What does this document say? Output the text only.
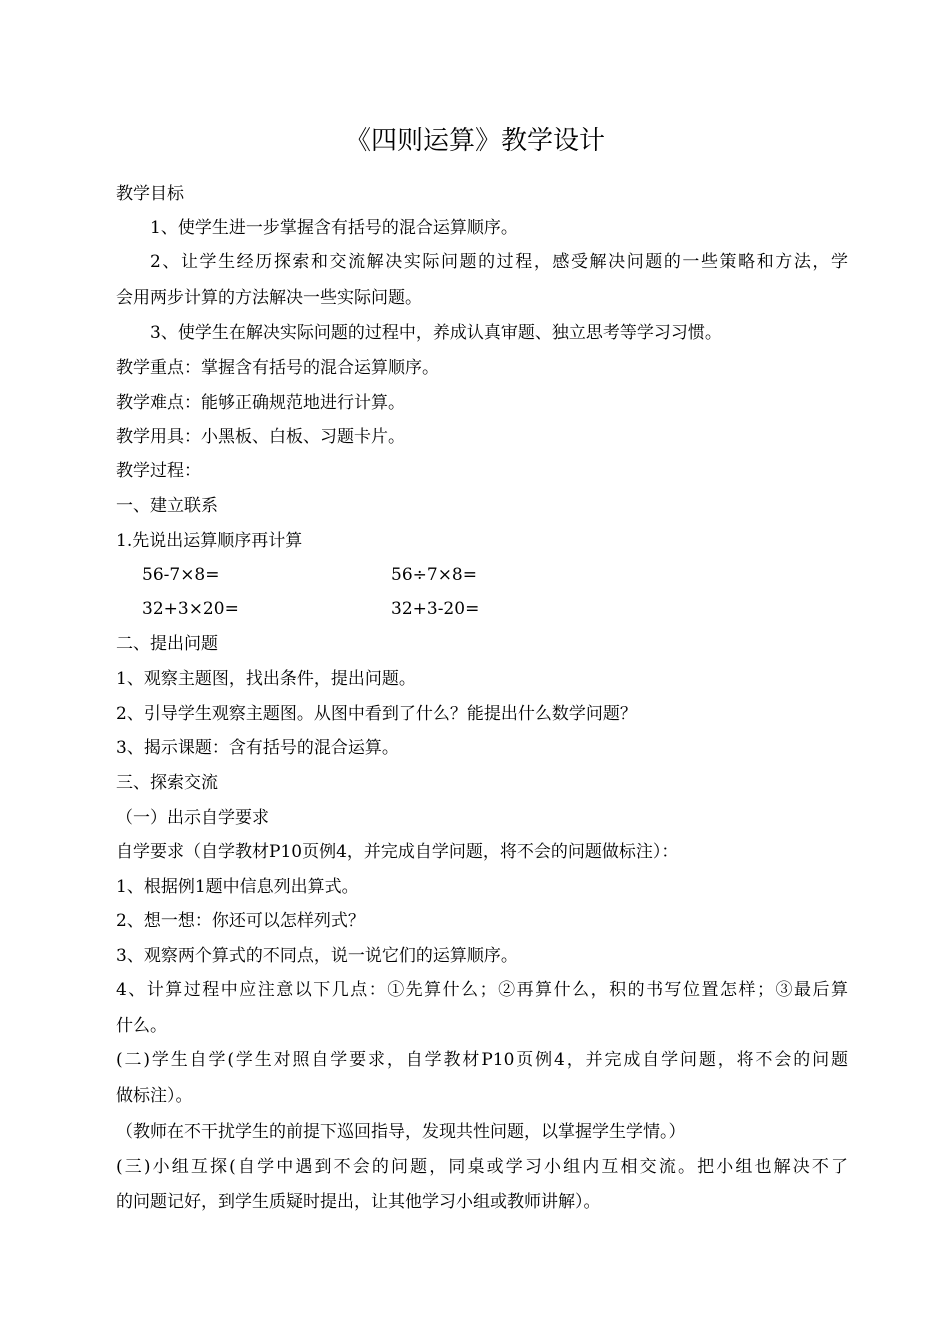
《四则运算》教学设计
教学目标
1、使学生进一步掌握含有括号的混合运算顺序。
2、让学生经历探索和交流解决实际问题的过程，感受解决问题的一些策略和方法，学
会用两步计算的方法解决一些实际问题。
3、使学生在解决实际问题的过程中，养成认真审题、独立思考等学习习惯。
教学重点：掌握含有括号的混合运算顺序。
教学难点：能够正确规范地进行计算。
教学用具：小黑板、白板、习题卡片。
教学过程：
一、建立联系
1.先说出运算顺序再计算
56-7×8=	56÷7×8=
32+3×20=	32+3-20=
二、提出问题
1、观察主题图，找出条件，提出问题。
2、引导学生观察主题图。从图中看到了什么？能提出什么数学问题？
3、揭示课题：含有括号的混合运算。
三、探索交流
（一）出示自学要求
自学要求（自学教材P10页例4，并完成自学问题，将不会的问题做标注）：
1、根据例1题中信息列出算式。
2、想一想：你还可以怎样列式？
3、观察两个算式的不同点，说一说它们的运算顺序。
4、计算过程中应注意以下几点：①先算什么；②再算什么，积的书写位置怎样；③最后算
什么。
(二)学生自学(学生对照自学要求，自学教材P10页例4，并完成自学问题，将不会的问题
做标注）。
（教师在不干扰学生的前提下巡回指导，发现共性问题，以掌握学生学情。）
(三)小组互探(自学中遇到不会的问题，同桌或学习小组内互相交流。把小组也解决不了
的问题记好，到学生质疑时提出，让其他学习小组或教师讲解）。
